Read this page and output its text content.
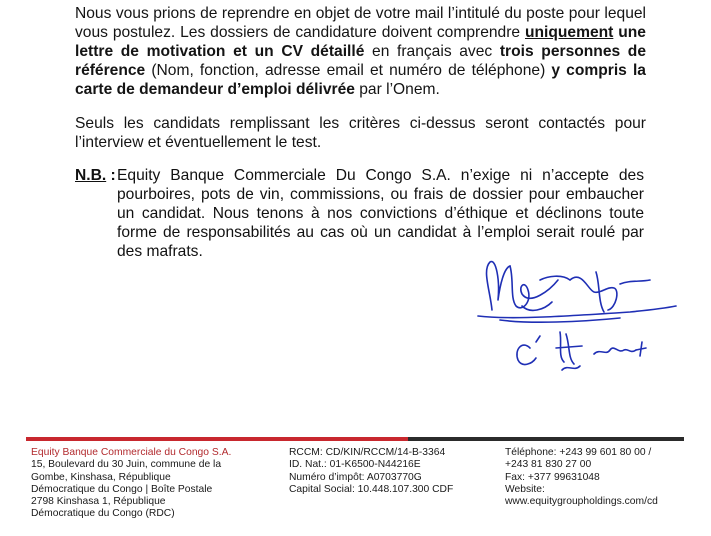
Nous vous prions de reprendre en objet de votre mail l’intitulé du poste pour lequel vous postulez. Les dossiers de candidature doivent comprendre uniquement une lettre de motivation et un CV détaillé en français avec trois personnes de référence (Nom, fonction, adresse email et numéro de téléphone) y compris la carte de demandeur d’emploi délivrée par l’Onem.
Seuls les candidats remplissant les critères ci-dessus seront contactés pour l’interview et éventuellement le test.
N.B. : Equity Banque Commerciale Du Congo S.A. n’exige ni n’accepte des pourboires, pots de vin, commissions, ou frais de dossier pour embaucher un candidat. Nous tenons à nos convictions d’éthique et déclinons toute forme de responsabilités au cas où un candidat à l’emploi serait roulé par des mafrats.
Equity Banque Commerciale du Congo S.A.
15, Boulevard du 30 Juin, commune de la
Gombe, Kinshasa, République
Démocratique du Congo | Boîte Postale
2798 Kinshasa 1, République
Démocratique du Congo (RDC)
RCCM: CD/KIN/RCCM/14-B-3364
ID. Nat.: 01-K6500-N44216E
Numéro d’impôt: A0703770G
Capital Social: 10.448.107.300 CDF
Téléphone: +243 99 601 80 00 /
+243 81 830 27 00
Fax: +377 99631048
Website:
www.equitygroupholdings.com/cd
